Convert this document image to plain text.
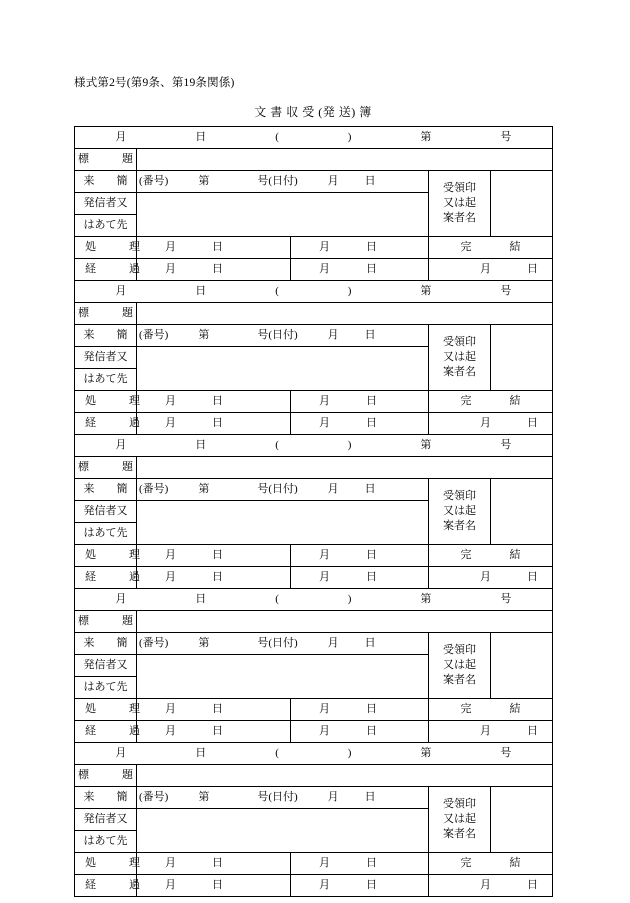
様式第2号(第9条、第19条関係)
文 書 収 受 (発 送) 簿
月	日	(	)	第	号

標　　　題				
来　　簡	(番号)	第	号(日付)	月	日

受領印
又は起
案者名

発信者又				
はあて先				

処　　　理	月 日	月 日	完 結	

経　　　過	月 日	月 日	月 日	

月	日	(	)	第	号

標　　　題				
来　　簡	(番号)	第	号(日付)	月	日

受領印
又は起
案者名

発信者又				
はあて先				

処　　　理	月 日	月 日	完 結	

経　　　過	月 日	月 日	月 日	

月	日	(	)	第	号

標　　　題				
来　　簡	(番号)	第	号(日付)	月	日

受領印
又は起
案者名

発信者又				
はあて先				

処　　　理	月 日	月 日	完 結	

経　　　過	月 日	月 日	月 日	

月	日	(	)	第	号

標　　　題				
来　　簡	(番号)	第	号(日付)	月	日

受領印
又は起
案者名

発信者又				
はあて先				

処　　　理	月 日	月 日	完 結	

経　　　過	月 日	月 日	月 日	

月	日	(	)	第	号

標　　　題				
来　　簡	(番号)	第	号(日付)	月	日

受領印
又は起
案者名

発信者又				
はあて先				

処　　　理	月 日	月 日	完 結	

経　　　過	月 日	月 日	月 日	
